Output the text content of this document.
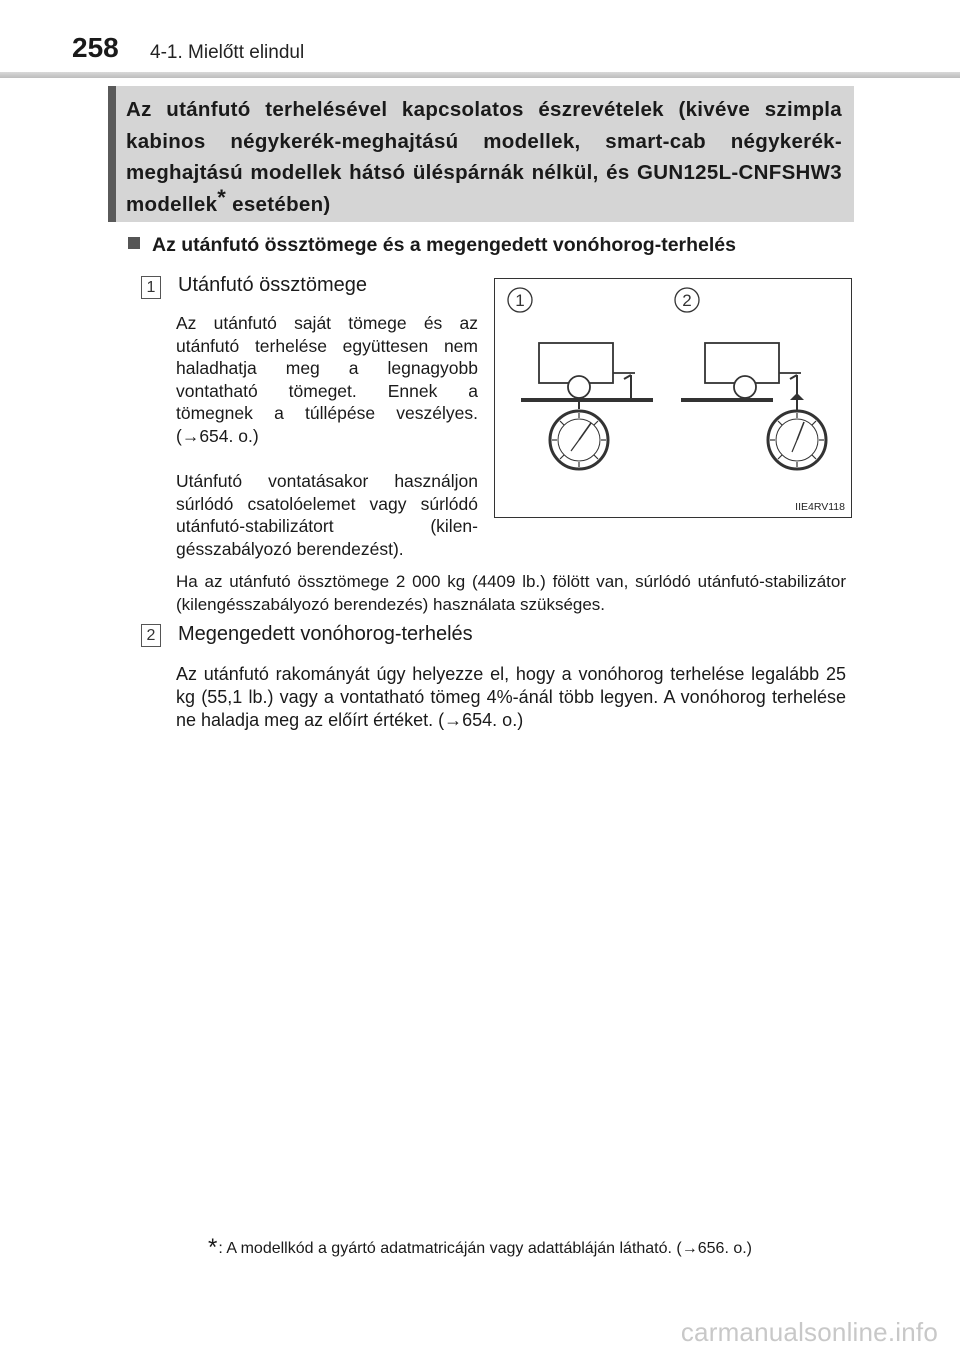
258 4-1. Mielőtt elindul
Az utánfutó terhelésével kapcsolatos észrevételek (kivéve szimpla kabinos négykerék-meghajtású modellek, smart-cab négykerék-meghajtású modellek hátsó üléspárnák nélkül, és GUN125L-CNFSHW3 modellek* esetében)
Az utánfutó össztömege és a megengedett vonóhorog-terhelés
1 Utánfutó össztömege
Az utánfutó saját tömege és az utánfutó terhelése együttesen nem haladhatja meg a legnagyobb vontatható tömeget. Ennek a tömegnek a túllépése veszélyes. (→654. o.)
Utánfutó vontatásakor használjon súrlódó csatolóelemet vagy súrlódó utánfutó-stabilizátort (kilengésszabályozó berendezést).
Ha az utánfutó össztömege 2 000 kg (4409 lb.) fölött van, súrlódó utánfutó-stabilizátor (kilengésszabályozó berendezés) használata szükséges.
1	2
IIE4RV118
2 Megengedett vonóhorog-terhelés
Az utánfutó rakományát úgy helyezze el, hogy a vonóhorog terhelése legalább 25 kg (55,1 lb.) vagy a vontatható tömeg 4%-ánál több legyen. A vonóhorog terhelése ne haladja meg az előírt értéket. (→654. o.)
*: A modellkód a gyártó adatmatricáján vagy adattábláján látható. (→656. o.)
carmanualsonline.info
